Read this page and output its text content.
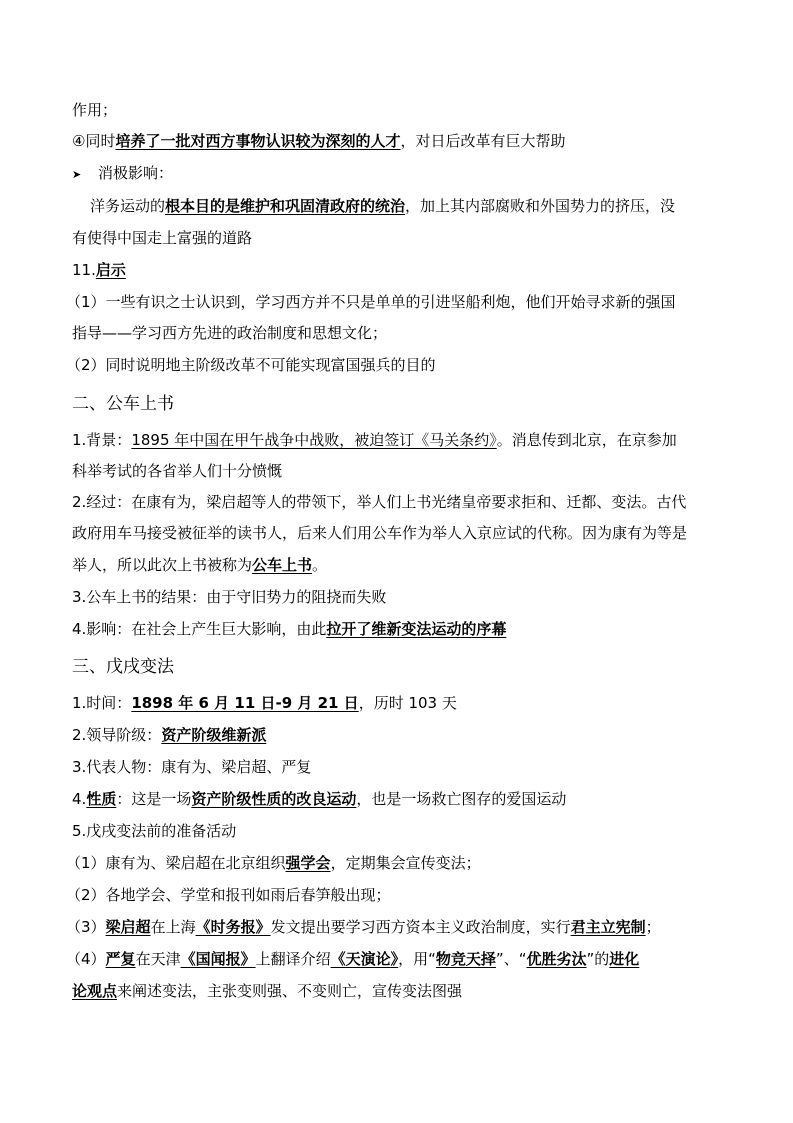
作用；
④同时培养了一批对西方事物认识较为深刻的人才，对日后改革有巨大帮助
➤ 消极影响：
洋务运动的根本目的是维护和巩固清政府的统治，加上其内部腐败和外国势力的挤压，没
有使得中国走上富强的道路
11.启示
（1）一些有识之士认识到，学习西方并不只是单单的引进坚船利炮，他们开始寻求新的强国
指导——学习西方先进的政治制度和思想文化；
（2）同时说明地主阶级改革不可能实现富国强兵的目的
二、公车上书
1.背景：1895 年中国在甲午战争中战败，被迫签订《马关条约》。消息传到北京，在京参加
科举考试的各省举人们十分愤慨
2.经过：在康有为，梁启超等人的带领下，举人们上书光绪皇帝要求拒和、迁都、变法。古代
政府用车马接受被征举的读书人，后来人们用公车作为举人入京应试的代称。因为康有为等是
举人，所以此次上书被称为公车上书。
3.公车上书的结果：由于守旧势力的阻挠而失败
4.影响：在社会上产生巨大影响，由此拉开了维新变法运动的序幕
三、戊戌变法
1.时间：1898 年 6 月 11 日-9 月 21 日，历时 103 天
2.领导阶级：资产阶级维新派
3.代表人物：康有为、梁启超、严复
4.性质：这是一场资产阶级性质的改良运动，也是一场救亡图存的爱国运动
5.戊戌变法前的准备活动
（1）康有为、梁启超在北京组织强学会，定期集会宣传变法；
（2）各地学会、学堂和报刊如雨后春笋般出现；
（3）梁启超在上海《时务报》发文提出要学习西方资本主义政治制度，实行君主立宪制；
（4）严复在天津《国闻报》上翻译介绍《天演论》，用“物竞天择”、“优胜劣汰”的进化
论观点来阐述变法，主张变则强、不变则亡，宣传变法图强
